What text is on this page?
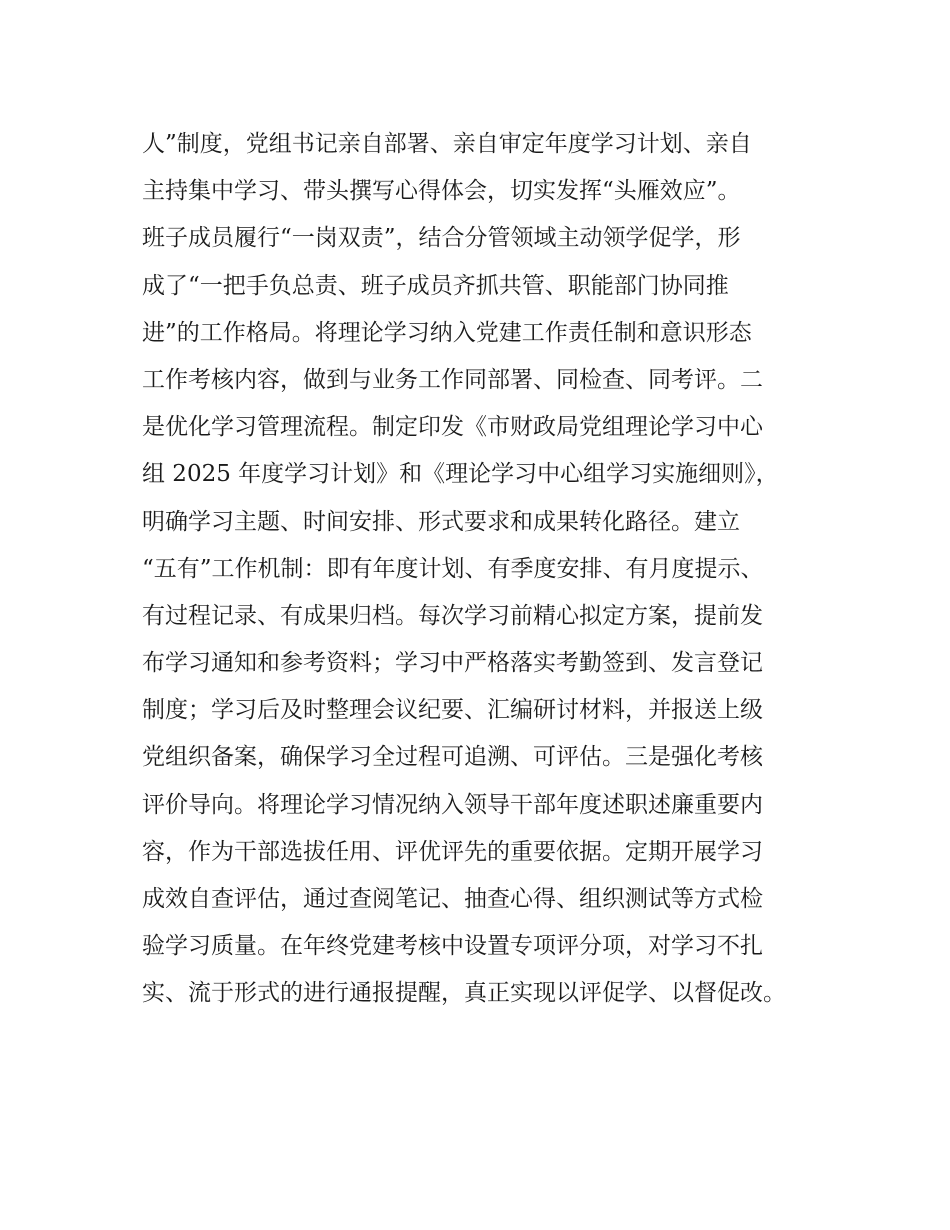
人”制度，党组书记亲自部署、亲自审定年度学习计划、亲自
主持集中学习、带头撰写心得体会，切实发挥“头雁效应”。
班子成员履行“一岗双责”，结合分管领域主动领学促学，形
成了“一把手负总责、班子成员齐抓共管、职能部门协同推
进”的工作格局。将理论学习纳入党建工作责任制和意识形态
工作考核内容，做到与业务工作同部署、同检查、同考评。二
是优化学习管理流程。制定印发《市财政局党组理论学习中心
组 2025 年度学习计划》和《理论学习中心组学习实施细则》，
明确学习主题、时间安排、形式要求和成果转化路径。建立
“五有”工作机制：即有年度计划、有季度安排、有月度提示、
有过程记录、有成果归档。每次学习前精心拟定方案，提前发
布学习通知和参考资料；学习中严格落实考勤签到、发言登记
制度；学习后及时整理会议纪要、汇编研讨材料，并报送上级
党组织备案，确保学习全过程可追溯、可评估。三是强化考核
评价导向。将理论学习情况纳入领导干部年度述职述廉重要内
容，作为干部选拔任用、评优评先的重要依据。定期开展学习
成效自查评估，通过查阅笔记、抽查心得、组织测试等方式检
验学习质量。在年终党建考核中设置专项评分项，对学习不扎
实、流于形式的进行通报提醒，真正实现以评促学、以督促改。
